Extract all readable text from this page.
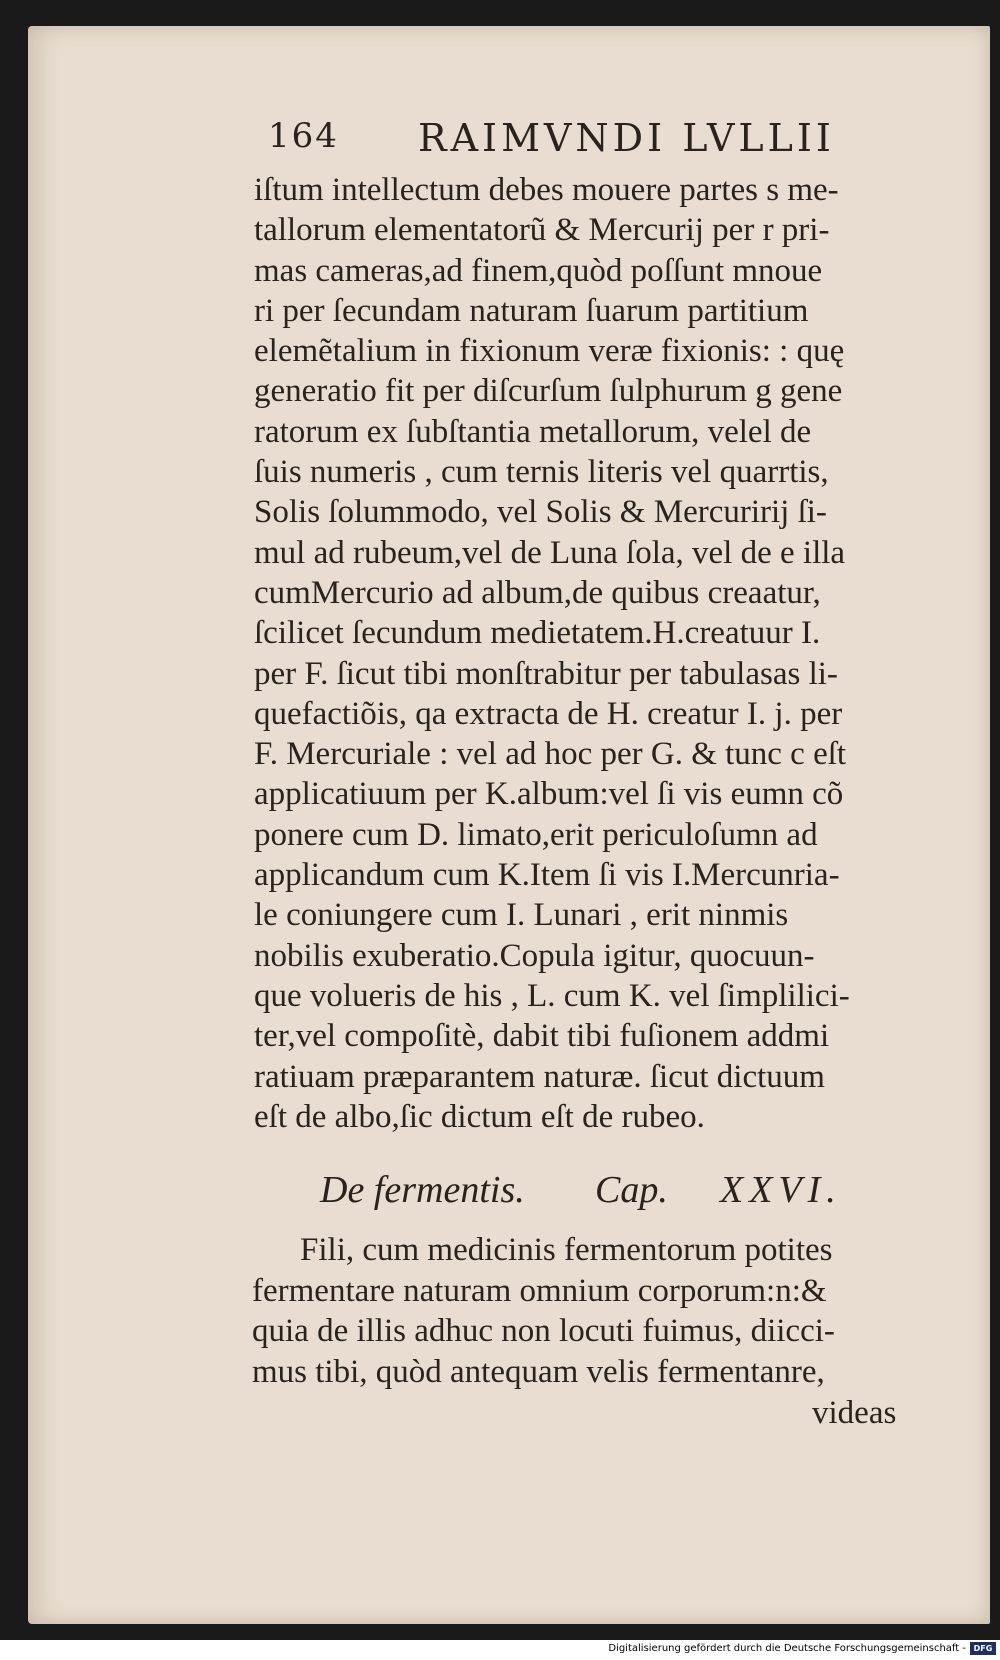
164 RAIMVNDI LVLLII
iſtum intellectum debes mouere partes s me-
tallorum elementatorũ & Mercurij per r pri-
mas cameras,ad finem,quòd poſſunt mnoue
ri per ſecundam naturam ſuarum partitium
elemẽtalium in fixionum veræ fixionis: : quę
generatio fit per diſcurſum ſulphurum g gene
ratorum ex ſubſtantia metallorum, velel de
ſuis numeris , cum ternis literis vel quarrtis,
Solis ſolummodo, vel Solis & Mercuririj ſi-
mul ad rubeum,vel de Luna ſola, vel de e illa
cumMercurio ad album,de quibus creaatur,
ſcilicet ſecundum medietatem.H.creatuur I.
per F. ſicut tibi monſtrabitur per tabulasas li-
quefactiõis, qa extracta de H. creatur I. j. per
F. Mercuriale : vel ad hoc per G. & tunc c eſt
applicatiuum per K.album:vel ſi vis eumn cõ
ponere cum D. limato,erit periculoſumn ad
applicandum cum K.Item ſi vis I.Mercunria-
le coniungere cum I. Lunari , erit ninmis
nobilis exuberatio.Copula igitur, quocuun-
que volueris de his , L. cum K. vel ſimplilici-
ter,vel compoſitè, dabit tibi fuſionem addmi
ratiuam præparantem naturæ. ſicut dictuum
eſt de albo,ſic dictum eſt de rubeo.
De fermentis. Cap. XXVI.
Fili, cum medicinis fermentorum potites
fermentare naturam omnium corporum:n:&
quia de illis adhuc non locuti fuimus, diicci-
mus tibi, quòd antequam velis fermentanre,
videas
Digitalisierung gefördert durch die Deutsche Forschungsgemeinschaft - DFG
